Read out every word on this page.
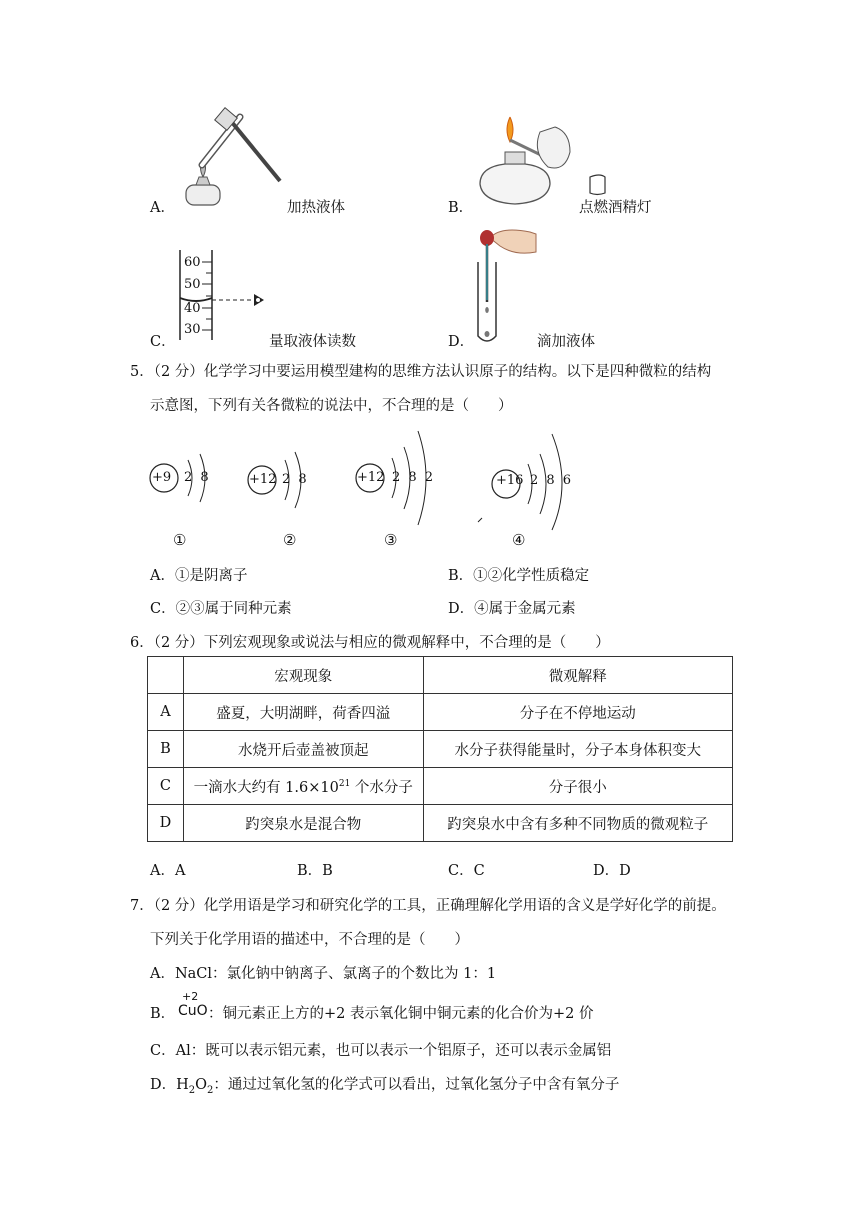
A．	加热液体	B．	点燃酒精灯
60
50
40
30
C．	量取液体读数	D．	滴加液体
5．（2 分）化学学习中要运用模型建构的思维方法认识原子的结构。以下是四种微粒的结构
示意图，下列有关各微粒的说法中，不合理的是（　　）
+9 2 8
①
+12 2 8
②
+12 2 8 2
③
+16 2 8 6
④
A．①是阴离子	B．①②化学性质稳定
C．②③属于同种元素	D．④属于金属元素
6．（2 分）下列宏观现象或说法与相应的微观解释中，不合理的是（　　）
	宏观现象	微观解释
A	盛夏，大明湖畔，荷香四溢	分子在不停地运动
B	水烧开后壶盖被顶起	水分子获得能量时，分子本身体积变大
C	一滴水大约有 $1.6\times 10^{21}$ 个水分子	分子很小
D	趵突泉水是混合物	趵突泉水中含有多种不同物质的微观粒子
A．A	B．B	C．C	D．D
7．（2 分）化学用语是学习和研究化学的工具，正确理解化学用语的含义是学好化学的前提。
下列关于化学用语的描述中，不合理的是（　　）
A．NaCl：氯化钠中钠离子、氯离子的个数比为 1：1
B．
+2
CuO ：铜元素正上方的+2 表示氧化铜中铜元素的化合价为+2 价
C．Al：既可以表示铝元素，也可以表示一个铝原子，还可以表示金属铝
D．$H_2O_2$：通过过氧化氢的化学式可以看出，过氧化氢分子中含有氧分子
